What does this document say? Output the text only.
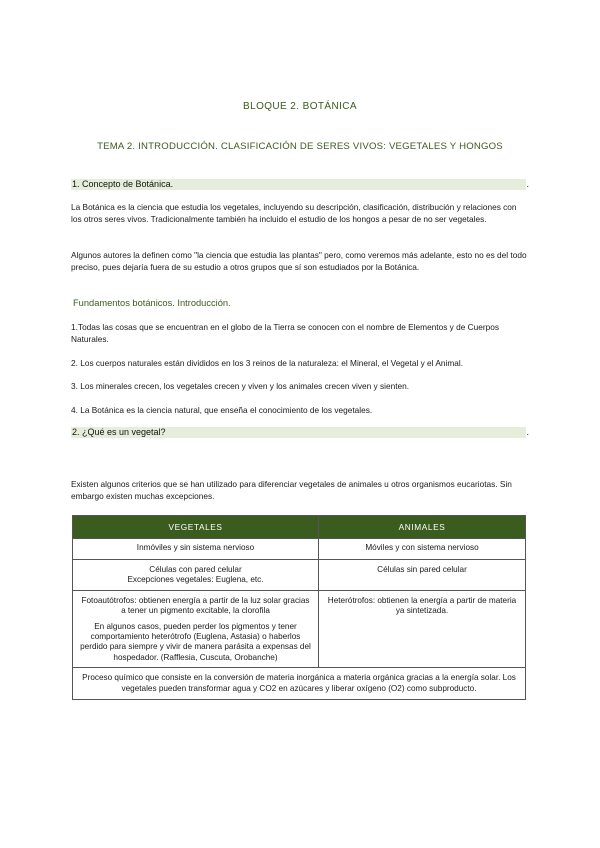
BLOQUE 2. BOTÁNICA
TEMA 2. INTRODUCCIÓN. CLASIFICACIÓN DE SERES VIVOS: VEGETALES Y HONGOS
1. Concepto de Botánica.	.
La Botánica es la ciencia que estudia los vegetales, incluyendo su descripción, clasificación, distribución y relaciones con los otros seres vivos. Tradicionalmente también ha incluido el estudio de los hongos a pesar de no ser vegetales.
Algunos autores la definen como "la ciencia que estudia las plantas" pero, como veremos más adelante, esto no es del todo preciso, pues dejaría fuera de su estudio a otros grupos que sí son estudiados por la Botánica.
Fundamentos botánicos. Introducción.
1.Todas las cosas que se encuentran en el globo de la Tierra se conocen con el nombre de Elementos y de Cuerpos Naturales.
2. Los cuerpos naturales están divididos en los 3 reinos de la naturaleza: el Mineral, el Vegetal y el Animal.
3. Los minerales crecen, los vegetales crecen y viven y los animales crecen viven y sienten.
4. La Botánica es la ciencia natural, que enseña el conocimiento de los vegetales.
2. ¿Qué es un vegetal?	.
Existen algunos criterios que se han utilizado para diferenciar vegetales de animales u otros organismos eucariotas. Sin embargo existen muchas excepciones.
VEGETALES	ANIMALES

Inmóviles y sin sistema nervioso	Móviles y con sistema nervioso

Células con pared celular
Excepciones vegetales: Euglena, etc.	Células sin pared celular

Fotoautótrofos: obtienen energía a partir de la luz solar gracias a tener un pigmento excitable, la clorofila

En algunos casos, pueden perder los pigmentos y tener comportamiento heterótrofo (Euglena, Astasia) o haberlos perdido para siempre y vivir de manera parásita a expensas del hospedador. (Rafflesia, Cuscuta, Orobanche)	Heterótrofos: obtienen la energía a partir de materia ya sintetizada.

Proceso químico que consiste en la conversión de materia inorgánica a materia orgánica gracias a la energía solar. Los vegetales pueden transformar agua y CO2 en azúcares y liberar oxígeno (O2) como subproducto.	
